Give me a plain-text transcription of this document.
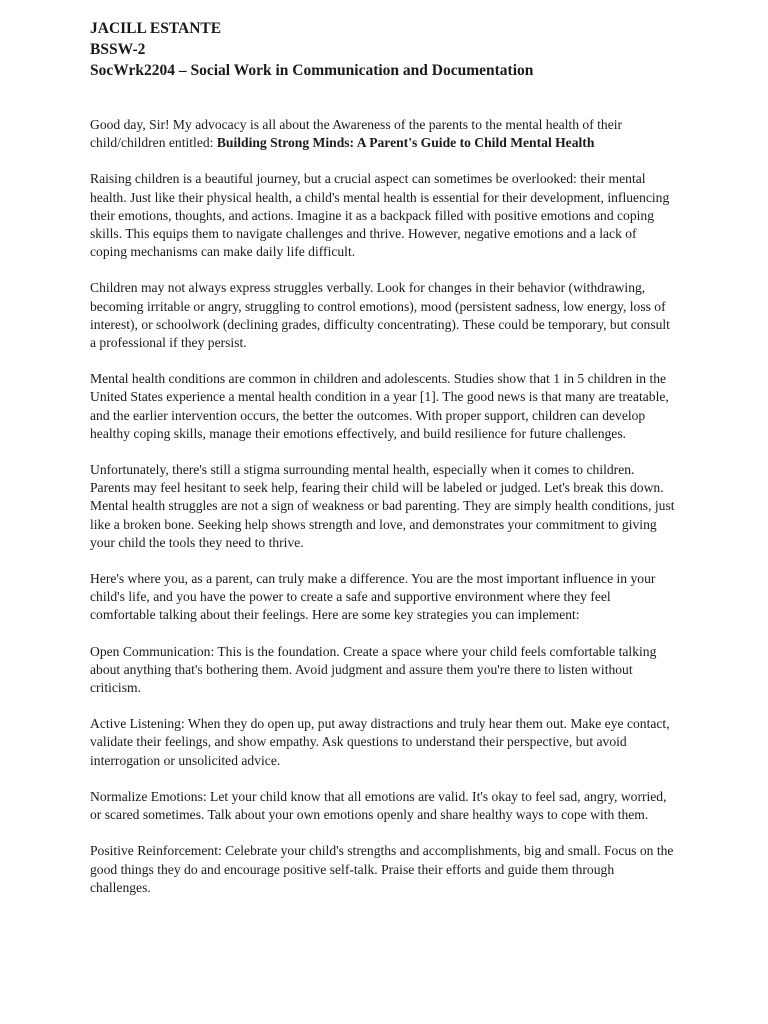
JACILL ESTANTE

BSSW-2

SocWrk2204 – Social Work in Communication and Documentation

Good day, Sir! My advocacy is all about the Awareness of the parents to the mental health of their child/children entitled: Building Strong Minds: A Parent's Guide to Child Mental Health

Raising children is a beautiful journey, but a crucial aspect can sometimes be overlooked: their mental health. Just like their physical health, a child's mental health is essential for their development, influencing their emotions, thoughts, and actions. Imagine it as a backpack filled with positive emotions and coping skills. This equips them to navigate challenges and thrive. However, negative emotions and a lack of coping mechanisms can make daily life difficult.

Children may not always express struggles verbally. Look for changes in their behavior (withdrawing, becoming irritable or angry, struggling to control emotions), mood (persistent sadness, low energy, loss of interest), or schoolwork (declining grades, difficulty concentrating). These could be temporary, but consult a professional if they persist.

Mental health conditions are common in children and adolescents. Studies show that 1 in 5 children in the United States experience a mental health condition in a year [1]. The good news is that many are treatable, and the earlier intervention occurs, the better the outcomes. With proper support, children can develop healthy coping skills, manage their emotions effectively, and build resilience for future challenges.

Unfortunately, there's still a stigma surrounding mental health, especially when it comes to children. Parents may feel hesitant to seek help, fearing their child will be labeled or judged. Let's break this down. Mental health struggles are not a sign of weakness or bad parenting. They are simply health conditions, just like a broken bone. Seeking help shows strength and love, and demonstrates your commitment to giving your child the tools they need to thrive.

Here's where you, as a parent, can truly make a difference. You are the most important influence in your child's life, and you have the power to create a safe and supportive environment where they feel comfortable talking about their feelings. Here are some key strategies you can implement:

Open Communication: This is the foundation. Create a space where your child feels comfortable talking about anything that's bothering them. Avoid judgment and assure them you're there to listen without criticism.

Active Listening: When they do open up, put away distractions and truly hear them out. Make eye contact, validate their feelings, and show empathy. Ask questions to understand their perspective, but avoid interrogation or unsolicited advice.

Normalize Emotions: Let your child know that all emotions are valid. It's okay to feel sad, angry, worried, or scared sometimes. Talk about your own emotions openly and share healthy ways to cope with them.

Positive Reinforcement: Celebrate your child's strengths and accomplishments, big and small. Focus on the good things they do and encourage positive self-talk. Praise their efforts and guide them through challenges.
